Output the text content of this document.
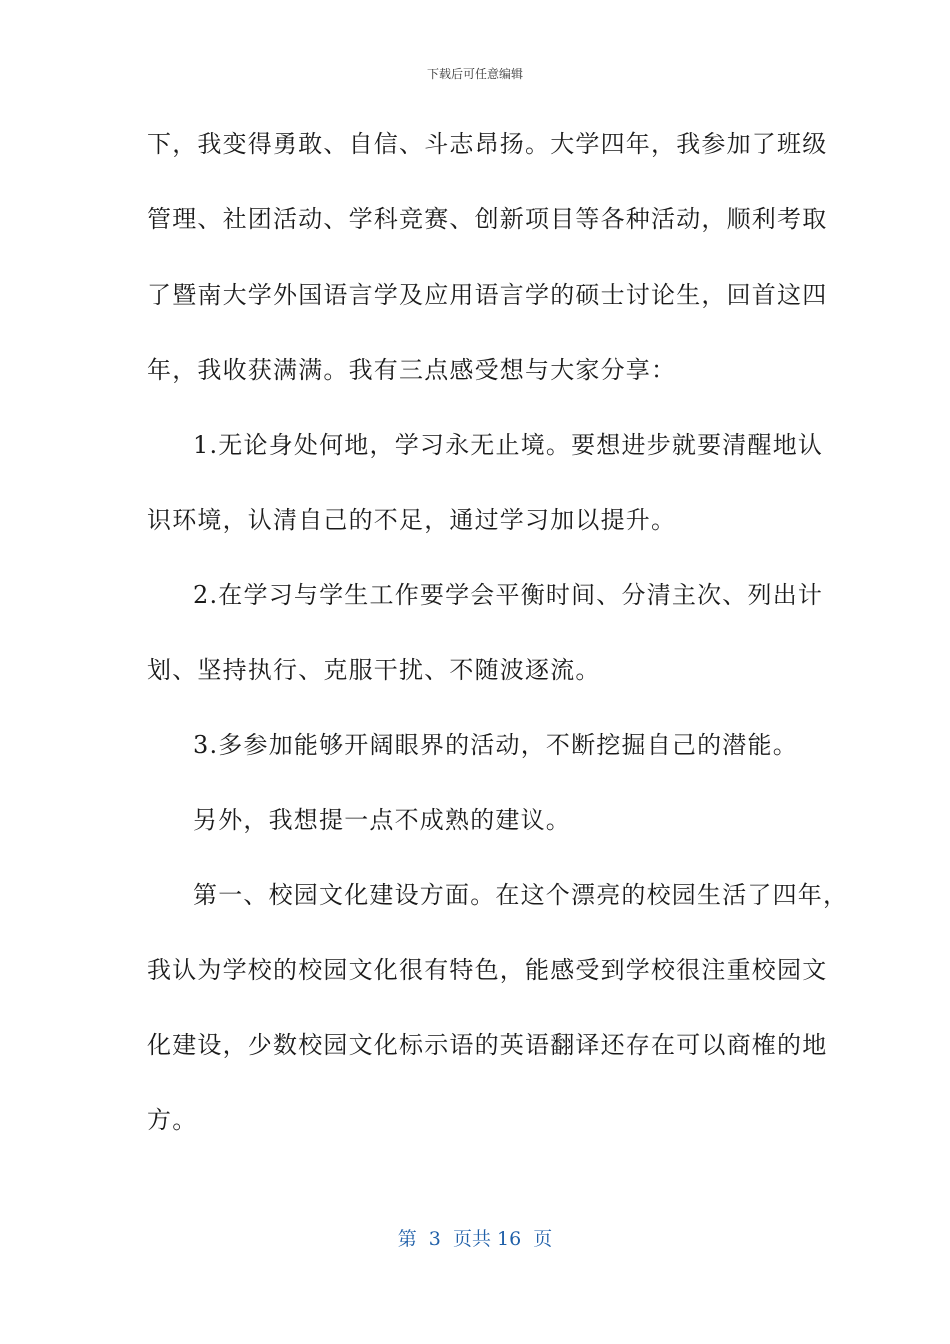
下载后可任意编辑
下，我变得勇敢、自信、斗志昂扬。大学四年，我参加了班级
管理、社团活动、学科竞赛、创新项目等各种活动，顺利考取
了暨南大学外国语言学及应用语言学的硕士讨论生，回首这四
年，我收获满满。我有三点感受想与大家分享：
1.无论身处何地，学习永无止境。要想进步就要清醒地认
识环境，认清自己的不足，通过学习加以提升。
2.在学习与学生工作要学会平衡时间、分清主次、列出计
划、坚持执行、克服干扰、不随波逐流。
3.多参加能够开阔眼界的活动，不断挖掘自己的潜能。
另外，我想提一点不成熟的建议。
第一、校园文化建设方面。在这个漂亮的校园生活了四年，
我认为学校的校园文化很有特色，能感受到学校很注重校园文
化建设，少数校园文化标示语的英语翻译还存在可以商榷的地
方。
第  3  页共 16  页
